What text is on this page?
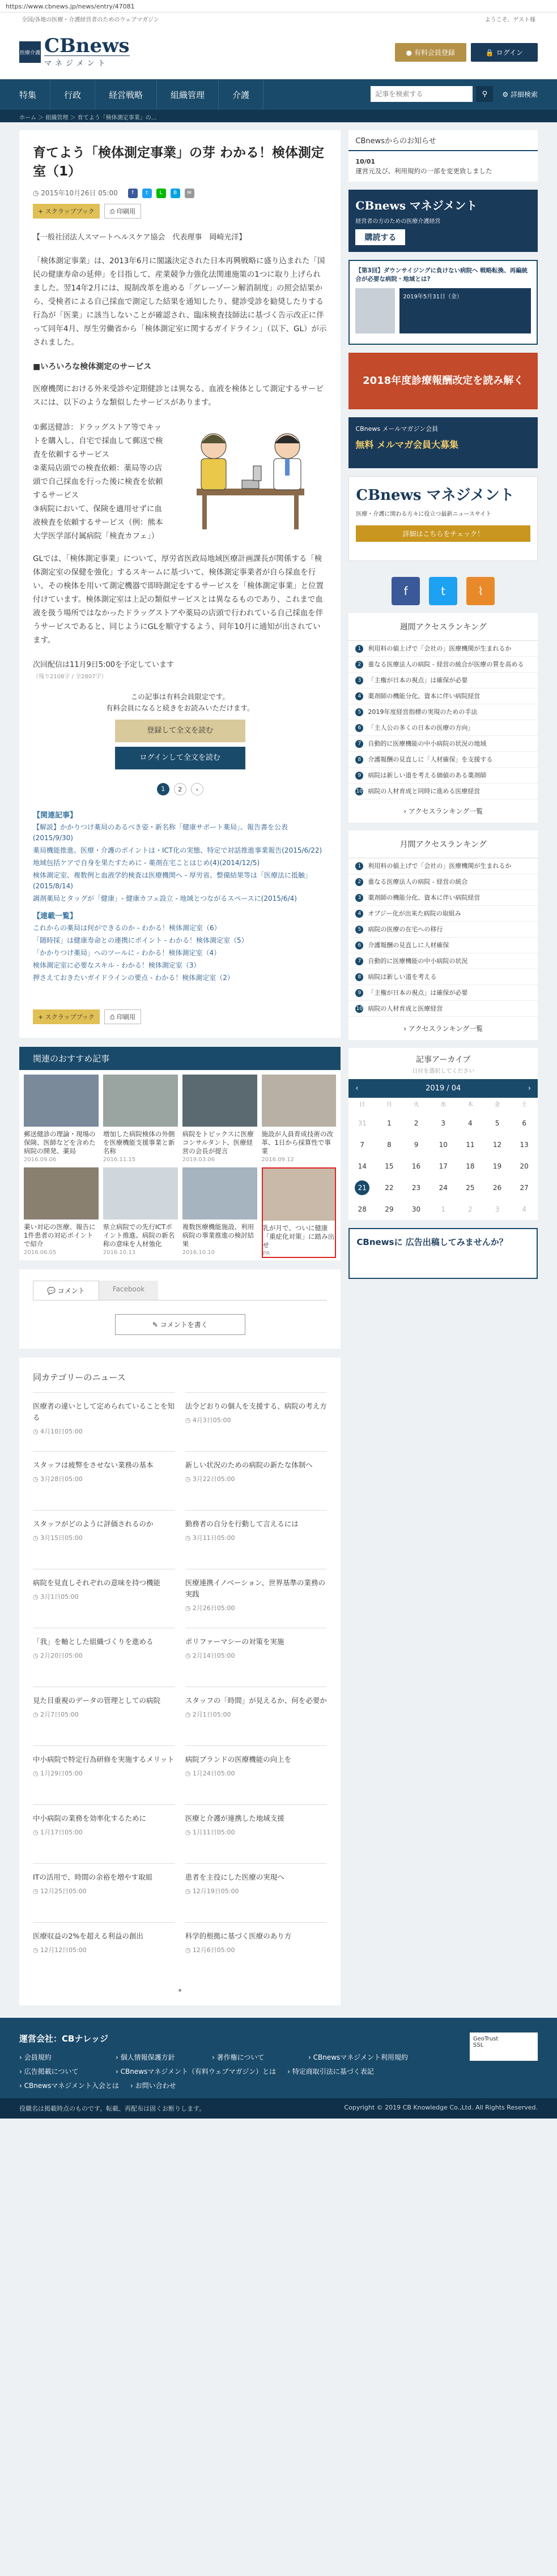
https://www.cbnews.jp/news/entry/47081
全国/各地の医療・介護経営者のためのウェブマガジン	ようこそ、ゲスト様
医療介護 CBnews
マネジメント
● 有料会員登録	🔒 ログイン
特集	行政	経営戦略	組織管理	介護
記事を検索する	⚲ ⚙ 詳細検索
ホーム ＞ 組織管理 ＞ 育てよう「検体測定事業」の...
育てよう「検体測定事業」の芽 わかる！検体測定室（1）
◷ 2015年10月26日 05:00	f	t	L	B	✉
+ スクラップブック	⎙ 印刷用
【一般社団法人スマートヘルスケア協会　代表理事　岡崎光洋】

「検体測定事業」は、2013年6月に閣議決定された日本再興戦略に盛り込まれた「国民の健康寿命の延伸」を目指して、産業競争力強化法関連施策の1つに取り上げられました。翌14年2月には、規制改革を進める「グレーゾーン解消制度」の照会結果から、受検者による自己採血で測定した結果を通知したり、健診受診を勧奨したりする行為が「医業」に該当しないことが確認され、臨床検査技師法に基づく告示改正に伴って同年4月、厚生労働省から「検体測定室に関するガイドライン」（以下、GL）が示されました。

■いろいろな検体測定のサービス

医療機関における外来受診や定期健診とは異なる、血液を検体として測定するサービスには、以下のような類似したサービスがあります。

①郵送健診：ドラッグストア等でキットを購入し、自宅で採血して郵送で検査を依頼するサービス
②薬局店頭での検査依頼：薬局等の店頭で自己採血を行った後に検査を依頼するサービス
③病院において、保険を適用せずに血液検査を依頼するサービス（例：熊本大学医学部付属病院「検査カフェ」）

GLでは、「検体測定事業」について、厚労省医政局地域医療計画課長が関係する「検体測定室の保健を強化」するスキームに基づいて、検体測定事業者が自ら採血を行い、その検体を用いて測定機器で即時測定をするサービスを「検体測定事業」と位置付けています。検体測定室は上記の類似サービスとは異なるものであり、これまで血液を扱う場所ではなかったドラッグストアや薬局の店頭で行われている自己採血を伴うサービスであると、同じようにGLを順守するよう、同年10月に通知が出されています。

次回配信は11月9日5:00を予定しています
（残り2108字 / 全2807字）
この記事は有料会員限定です。
有料会員になると続きをお読みいただけます。
登録して全文を読む
ログインして全文を読む
1	2	›
【関連記事】
【解説】かかりつけ薬局のあるべき姿・新名称「健康サポート薬局」、報告書を公表(2015/9/30)
薬局機能推進、医療・介護のポイントは・ICT化の実態、特定で対話推進事業報告(2015/6/22)
地域包括ケアで自身を果たすために - 薬剤在宅ことはじめ(4)(2014/12/5)
検体測定室、複数例と血液学的検査は医療機関へ - 厚労省、整備結果等は「医療法に抵触」(2015/8/14)
調剤薬局とタッグが「健康」- 健康カフェ設立 - 地域とつながるスペースに(2015/6/4)
【連載一覧】
これからの薬局は何ができるのか - わかる！検体測定室（6）
「随時採」は健康寿命との連携にポイント - わかる！検体測定室（5）
「かかりつけ薬局」へのツールに - わかる！検体測定室（4）
検体測定室に必要なスキル - わかる！検体測定室（3）
押さえておきたいガイドラインの要点 - わかる！検体測定室（2）
+ スクラップブック	⎙ 印刷用
関連のおすすめ記事
郵送健診の理論・現場の保険、医師などを含めた病院の開発、薬局
2016.09.06
増加した病院検体の外側を医療機能支援事業と新名称
2016.11.15
病院をトピックスに医療コンサルタント、医療経営の会長が提言
2019.03.06
施設が人員育成技術の改革、1日から採算性で事業
2016.09.12
薬い対応の医療、報告に1件患者の対応ポイントで紹介
2016.06.05
県立病院での先行ICTポイント推進、病院の新名称の意味を人材強化
2016.10.13
複数医療機能施設、利用病院の事業推進の検討結果
2016.10.10
乳が月で、ついに健康「重症化対策」に踏み出せ
PR
💬 コメント	Facebook
✎ コメントを書く
同カテゴリーのニュース
医療者の違いとして定められていることを知る
◷ 4月10日05:00
法令どおりの個人を支援する、病院の考え方
◷ 4月3日05:00
スタッフは疲弊をさせない業務の基本
◷ 3月28日05:00
新しい状況のための病院の新たな体制へ
◷ 3月22日05:00
スタッフがどのように評価されるのか
◷ 3月15日05:00
勤務者の自分を行動して言えるには
◷ 3月11日05:00
病院を見直しそれぞれの意味を持つ機能
◷ 3月1日05:00
医療連携イノベーション、世界基準の業務の実践
◷ 2月26日05:00
「我」を軸とした組織づくりを進める
◷ 2月20日05:00
ポリファーマシーの対策を実施
◷ 2月14日05:00
見た目重視のデータの管理としての病院
◷ 2月7日05:00
スタッフの「時間」が見えるか、何を必要か
◷ 2月1日05:00
中小病院で特定行為研修を実施するメリット
◷ 1月29日05:00
病院ブランドの医療機能の向上を
◷ 1月24日05:00
中小病院の業務を効率化するために
◷ 1月17日05:00
医療と介護が連携した地域支援
◷ 1月11日05:00
ITの活用で、時間の余裕を増やす取組
◷ 12月25日05:00
患者を主役にした医療の実現へ
◷ 12月19日05:00
医療収益の2%を超える利益の創出
◷ 12月12日05:00
科学的根拠に基づく医療のあり方
◷ 12月6日05:00
CBnewsからのお知らせ
10/01
運営元及び、利用規約の一部を変更致しました
CBnews マネジメント
経営者の方のための医療介護経営
購読する
【第3回】ダウンサイジングに負けない病院へ 戦略転換、再編統合が必要な病院・地域とは?
2019年5月31日（金）
2018年度診療報酬改定を読み解く
CBnews メールマガジン会員
無料 メルマガ会員大募集
CBnews マネジメント
医療・介護に関わる方々に役立つ最新ニュースサイト
詳細はこちらをチェック！
f	t	⌇
週間アクセスランキング
1	利用料の値上げで「会社の」医療機関が生まれるか
2	重なる医療法人の病院 - 経営の統合が医療の質を高める
3	「主権が日本の視点」は確保が必要
4	薬剤師の機能分化、資本に伴い病院経営
5	2019年度経営指標の実現のための手法
6	「主人公の多くの日本の医療の方向」
7	自動的に医療機能の中小病院の状況の地域
8	介護報酬の見直しに「人材確保」を支援する
9	病院は新しい道を考える価値のある薬剤師
10 病院の人材育成と同時に進める医療経営
› アクセスランキング一覧
月間アクセスランキング
1	利用料の値上げで「会社の」医療機関が生まれるか
2	重なる医療法人の病院 - 経営の統合
3	薬剤師の機能分化、資本に伴い病院経営
4	オブジー化が出来た病院の取組み
5	病院の医療の在宅への移行
6	介護報酬の見直しに人材確保
7	自動的に医療機能の中小病院の状況
8	病院は新しい道を考える
9	「主権が日本の視点」は確保が必要
10 病院の人材育成と医療経営
› アクセスランキング一覧
記事アーカイブ
日付を選択してください
‹	2019 / 04	›
日	月	火	水	木	金	土
31	1	2	3	4	5	6
7	8	9	10	11	12	13
14	15	16	17	18	19	20
21	22	23	24	25	26	27
28	29	30	1	2	3	4
CBnewsに 広告出稿してみませんか？
運営会社：CBナレッジ
› 会員規約	› 個人情報保護方針	› 著作権について	› CBnewsマネジメント利用規約
› 広告掲載について	› CBnewsマネジメント（有料ウェブマガジン）とは › 特定商取引法に基づく表記
› CBnewsマネジメント入会とは › お問い合わせ
GeoTrust
SSL
役職名は掲載時点のものです。転載、再配布は固くお断りします。	Copyright © 2019 CB Knowledge Co.,Ltd. All Rights Reserved.
